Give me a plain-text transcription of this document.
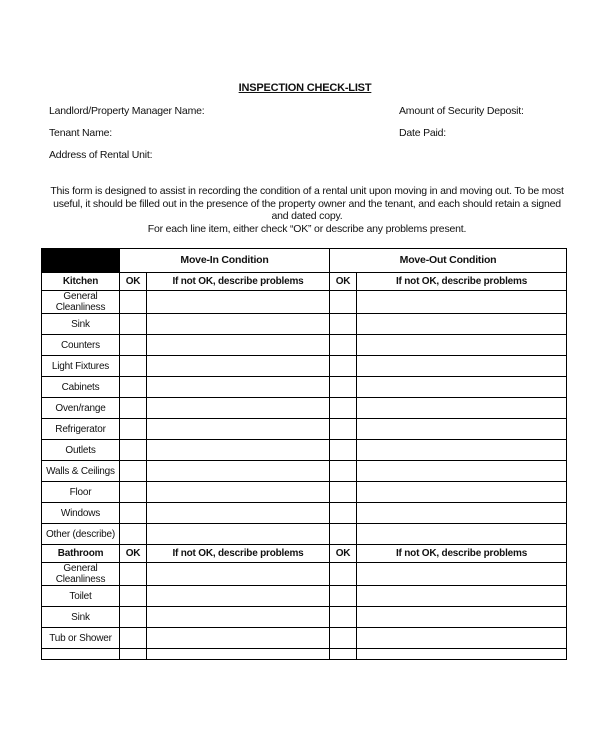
INSPECTION CHECK-LIST
Landlord/Property Manager Name:	Amount of Security Deposit:
Tenant Name:	Date Paid:
Address of Rental Unit:

This form is designed to assist in recording the condition of a rental unit upon moving in and moving out. To be most useful, it should be filled out in the presence of the property owner and the tenant, and each should retain a signed and dated copy.

For each line item, either check “OK” or describe any problems present.

	Move-In Condition		Move-Out Condition	
Kitchen	OK	If not OK, describe problems	OK	If not OK, describe problems
General Cleanliness				
Sink				
Counters				
Light Fixtures				
Cabinets				
Oven/range				
Refrigerator				
Outlets				
Walls & Ceilings				
Floor				
Windows				
Other (describe)				
Bathroom	OK	If not OK, describe problems	OK	If not OK, describe problems
General Cleanliness				
Toilet				
Sink				
Tub or Shower				
